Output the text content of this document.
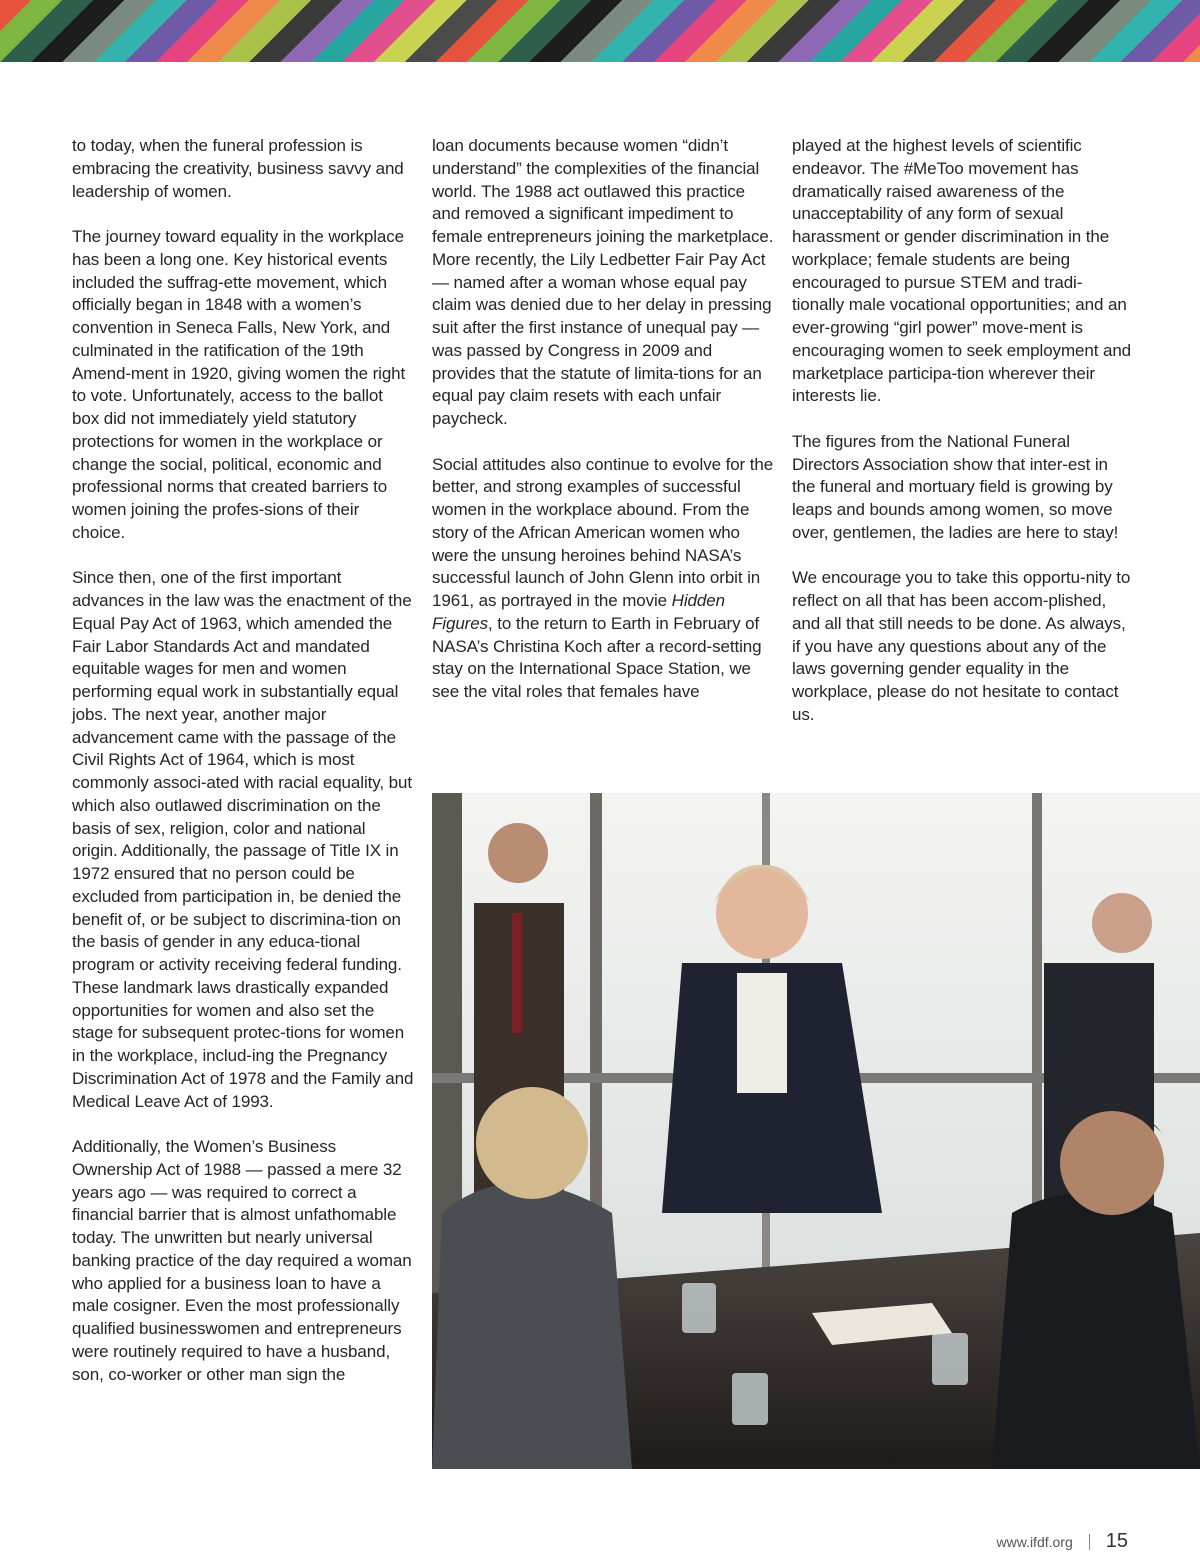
to today, when the funeral profession is embracing the creativity, business savvy and leadership of women.

The journey toward equality in the workplace has been a long one. Key historical events included the suffrag-ette movement, which officially began in 1848 with a women’s convention in Seneca Falls, New York, and culminated in the ratification of the 19th Amend-ment in 1920, giving women the right to vote. Unfortunately, access to the ballot box did not immediately yield statutory protections for women in the workplace or change the social, political, economic and professional norms that created barriers to women joining the profes-sions of their choice.

Since then, one of the first important advances in the law was the enactment of the Equal Pay Act of 1963, which amended the Fair Labor Standards Act and mandated equitable wages for men and women performing equal work in substantially equal jobs. The next year, another major advancement came with the passage of the Civil Rights Act of 1964, which is most commonly associ-ated with racial equality, but which also outlawed discrimination on the basis of sex, religion, color and national origin. Additionally, the passage of Title IX in 1972 ensured that no person could be excluded from participation in, be denied the benefit of, or be subject to discrimina-tion on the basis of gender in any educa-tional program or activity receiving federal funding. These landmark laws drastically expanded opportunities for women and also set the stage for subsequent protec-tions for women in the workplace, includ-ing the Pregnancy Discrimination Act of 1978 and the Family and Medical Leave Act of 1993.

Additionally, the Women’s Business Ownership Act of 1988 — passed a mere 32 years ago — was required to correct a financial barrier that is almost unfathomable today. The unwritten but nearly universal banking practice of the day required a woman who applied for a business loan to have a male cosigner. Even the most professionally qualified businesswomen and entrepreneurs were routinely required to have a husband, son, co-worker or other man sign the

loan documents because women “didn’t understand” the complexities of the financial world. The 1988 act outlawed this practice and removed a significant impediment to female entrepreneurs joining the marketplace. More recently, the Lily Ledbetter Fair Pay Act — named after a woman whose equal pay claim was denied due to her delay in pressing suit after the first instance of unequal pay — was passed by Congress in 2009 and provides that the statute of limita-tions for an equal pay claim resets with each unfair paycheck.

Social attitudes also continue to evolve for the better, and strong examples of successful women in the workplace abound. From the story of the African American women who were the unsung heroines behind NASA’s successful launch of John Glenn into orbit in 1961, as portrayed in the movie Hidden Figures, to the return to Earth in February of NASA’s Christina Koch after a record-setting stay on the International Space Station, we see the vital roles that females have

played at the highest levels of scientific endeavor. The #MeToo movement has dramatically raised awareness of the unacceptability of any form of sexual harassment or gender discrimination in the workplace; female students are being encouraged to pursue STEM and tradi-tionally male vocational opportunities; and an ever-growing “girl power” move-ment is encouraging women to seek employment and marketplace participa-tion wherever their interests lie.

The figures from the National Funeral Directors Association show that inter-est in the funeral and mortuary field is growing by leaps and bounds among women, so move over, gentlemen, the ladies are here to stay!

We encourage you to take this opportu-nity to reflect on all that has been accom-plished, and all that still needs to be done. As always, if you have any questions about any of the laws governing gender equality in the workplace, please do not hesitate to contact us.

www.ifdf.org 15
